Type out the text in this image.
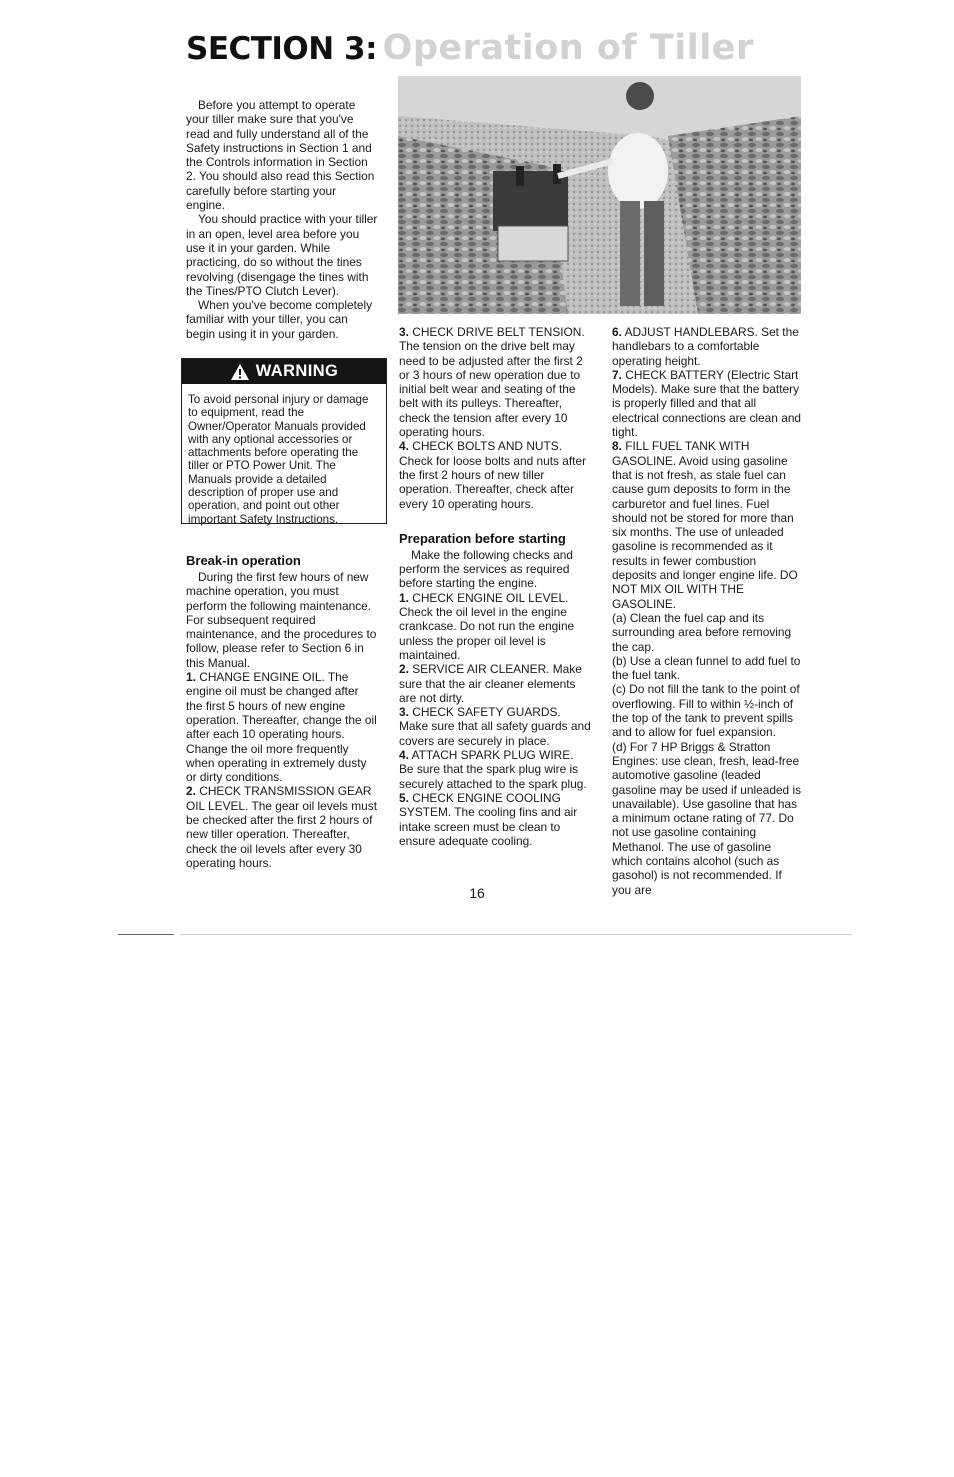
SECTION 3: Operation of Tiller

Before you attempt to operate your tiller make sure that you've read and fully understand all of the Safety instructions in Section 1 and the Controls information in Section 2. You should also read this Section carefully before starting your engine.

You should practice with your tiller in an open, level area before you use it in your garden. While practicing, do so without the tines revolving (disengage the tines with the Tines/PTO Clutch Lever).

When you've become completely familiar with your tiller, you can begin using it in your garden.

WARNING
To avoid personal injury or damage to equipment, read the Owner/Operator Manuals provided with any optional accessories or attachments before operating the tiller or PTO Power Unit. The Manuals provide a detailed description of proper use and operation, and point out other important Safety Instructions.
Break-in operation

During the first few hours of new machine operation, you must perform the following maintenance. For subsequent required maintenance, and the procedures to follow, please refer to Section 6 in this Manual.

1. CHANGE ENGINE OIL. The engine oil must be changed after the first 5 hours of new engine operation. Thereafter, change the oil after each 10 operating hours. Change the oil more frequently when operating in extremely dusty or dirty conditions.

2. CHECK TRANSMISSION GEAR OIL LEVEL. The gear oil levels must be checked after the first 2 hours of new tiller operation. Thereafter, check the oil levels after every 30 operating hours.

3. CHECK DRIVE BELT TENSION. The tension on the drive belt may need to be adjusted after the first 2 or 3 hours of new operation due to initial belt wear and seating of the belt with its pulleys. Thereafter, check the tension after every 10 operating hours.

4. CHECK BOLTS AND NUTS. Check for loose bolts and nuts after the first 2 hours of new tiller operation. Thereafter, check after every 10 operating hours.

Preparation before starting

Make the following checks and perform the services as required before starting the engine.

1. CHECK ENGINE OIL LEVEL. Check the oil level in the engine crankcase. Do not run the engine unless the proper oil level is maintained.

2. SERVICE AIR CLEANER. Make sure that the air cleaner elements are not dirty.

3. CHECK SAFETY GUARDS. Make sure that all safety guards and covers are securely in place.

4. ATTACH SPARK PLUG WIRE. Be sure that the spark plug wire is securely attached to the spark plug.

5. CHECK ENGINE COOLING SYSTEM. The cooling fins and air intake screen must be clean to ensure adequate cooling.

6. ADJUST HANDLEBARS. Set the handlebars to a comfortable operating height.

7. CHECK BATTERY (Electric Start Models). Make sure that the battery is properly filled and that all electrical connections are clean and tight.

8. FILL FUEL TANK WITH GASOLINE. Avoid using gasoline that is not fresh, as stale fuel can cause gum deposits to form in the carburetor and fuel lines. Fuel should not be stored for more than six months. The use of unleaded gasoline is recommended as it results in fewer combustion deposits and longer engine life. DO NOT MIX OIL WITH THE GASOLINE.

(a) Clean the fuel cap and its surrounding area before removing the cap.

(b) Use a clean funnel to add fuel to the fuel tank.

(c) Do not fill the tank to the point of overflowing. Fill to within ½-inch of the top of the tank to prevent spills and to allow for fuel expansion.

(d) For 7 HP Briggs & Stratton Engines: use clean, fresh, lead-free automotive gasoline (leaded gasoline may be used if unleaded is unavailable). Use gasoline that has a minimum octane rating of 77. Do not use gasoline containing Methanol. The use of gasoline which contains alcohol (such as gasohol) is not recommended. If you are

16
